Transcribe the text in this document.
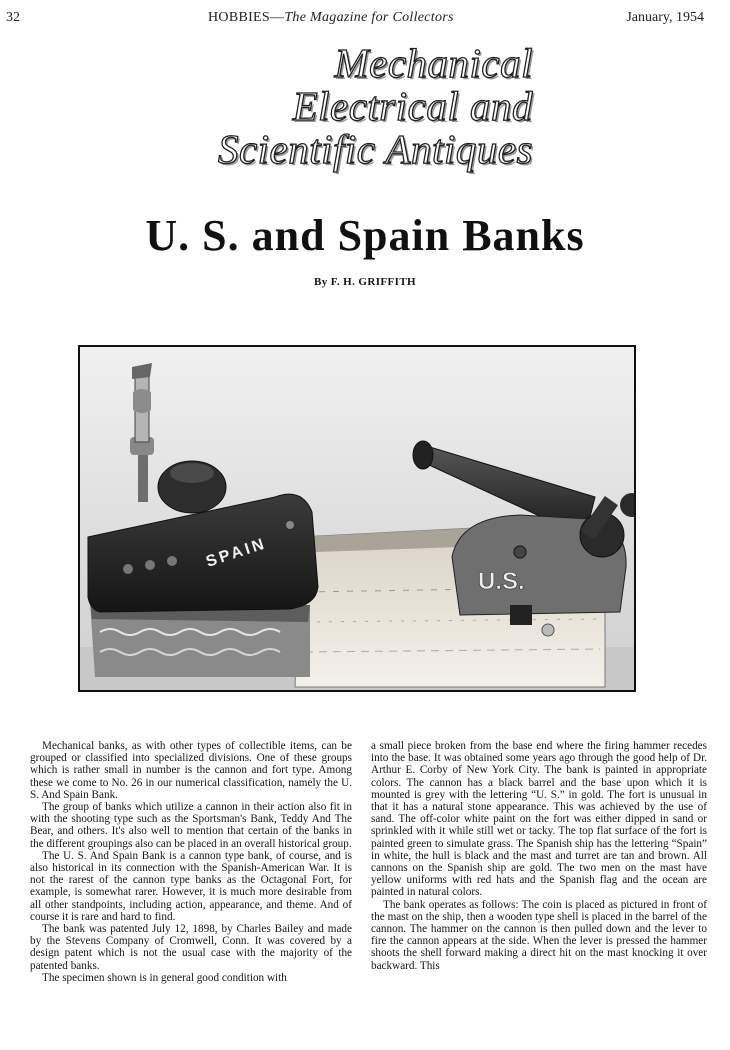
32	HOBBIES—The Magazine for Collectors	January, 1954
Mechanical
Electrical and
Scientific Antiques
U. S. and Spain Banks
By F. H. GRIFFITH
SPAIN
U.S.

Mechanical banks, as with other types of collectible items, can be grouped or classified into specialized divisions. One of these groups which is rather small in number is the cannon and fort type. Among these we come to No. 26 in our numerical classification, namely the U. S. And Spain Bank.

The group of banks which utilize a cannon in their action also fit in with the shooting type such as the Sportsman's Bank, Teddy And The Bear, and others. It's also well to mention that certain of the banks in the different groupings also can be placed in an overall historical group.

The U. S. And Spain Bank is a cannon type bank, of course, and is also historical in its connection with the Spanish-American War. It is not the rarest of the cannon type banks as the Octagonal Fort, for example, is somewhat rarer. However, it is much more desirable from all other standpoints, including action, appearance, and theme. And of course it is rare and hard to find.

The bank was patented July 12, 1898, by Charles Bailey and made by the Stevens Company of Cromwell, Conn. It was covered by a design patent which is not the usual case with the majority of the patented banks.

The specimen shown is in general good condition with

a small piece broken from the base end where the firing hammer recedes into the base. It was obtained some years ago through the good help of Dr. Arthur E. Corby of New York City. The bank is painted in appropriate colors. The cannon has a black barrel and the base upon which it is mounted is grey with the lettering “U. S.” in gold. The fort is unusual in that it has a natural stone appearance. This was achieved by the use of sand. The off-color white paint on the fort was either dipped in sand or sprinkled with it while still wet or tacky. The top flat surface of the fort is painted green to simulate grass. The Spanish ship has the lettering “Spain” in white, the hull is black and the mast and turret are tan and brown. All cannons on the Spanish ship are gold. The two men on the mast have yellow uniforms with red hats and the Spanish flag and the ocean are painted in natural colors.

The bank operates as follows: The coin is placed as pictured in front of the mast on the ship, then a wooden type shell is placed in the barrel of the cannon. The hammer on the cannon is then pulled down and the lever to fire the cannon appears at the side. When the lever is pressed the hammer shoots the shell forward making a direct hit on the mast knocking it over backward. This
